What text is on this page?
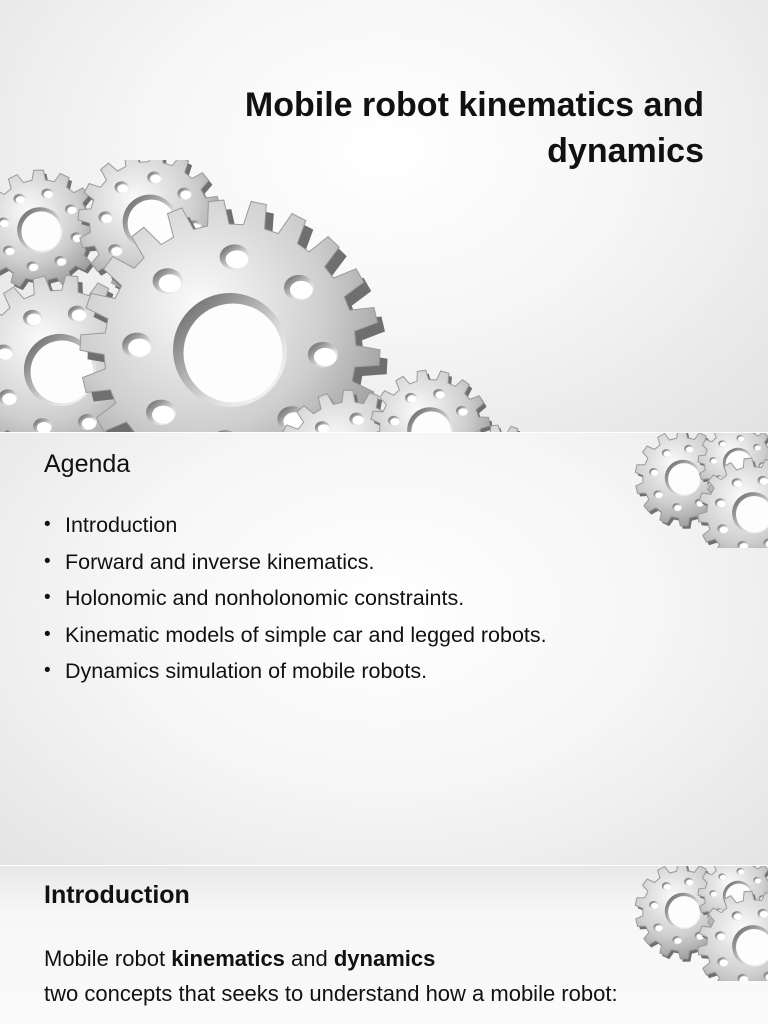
Mobile robot kinematics and dynamics
Agenda
• Introduction
• Forward and inverse kinematics.
• Holonomic and nonholonomic constraints.
• Kinematic models of simple car and legged robots.
• Dynamics simulation of mobile robots.
Introduction
Mobile robot kinematics and dynamics
two concepts that seeks to understand how a mobile robot:
